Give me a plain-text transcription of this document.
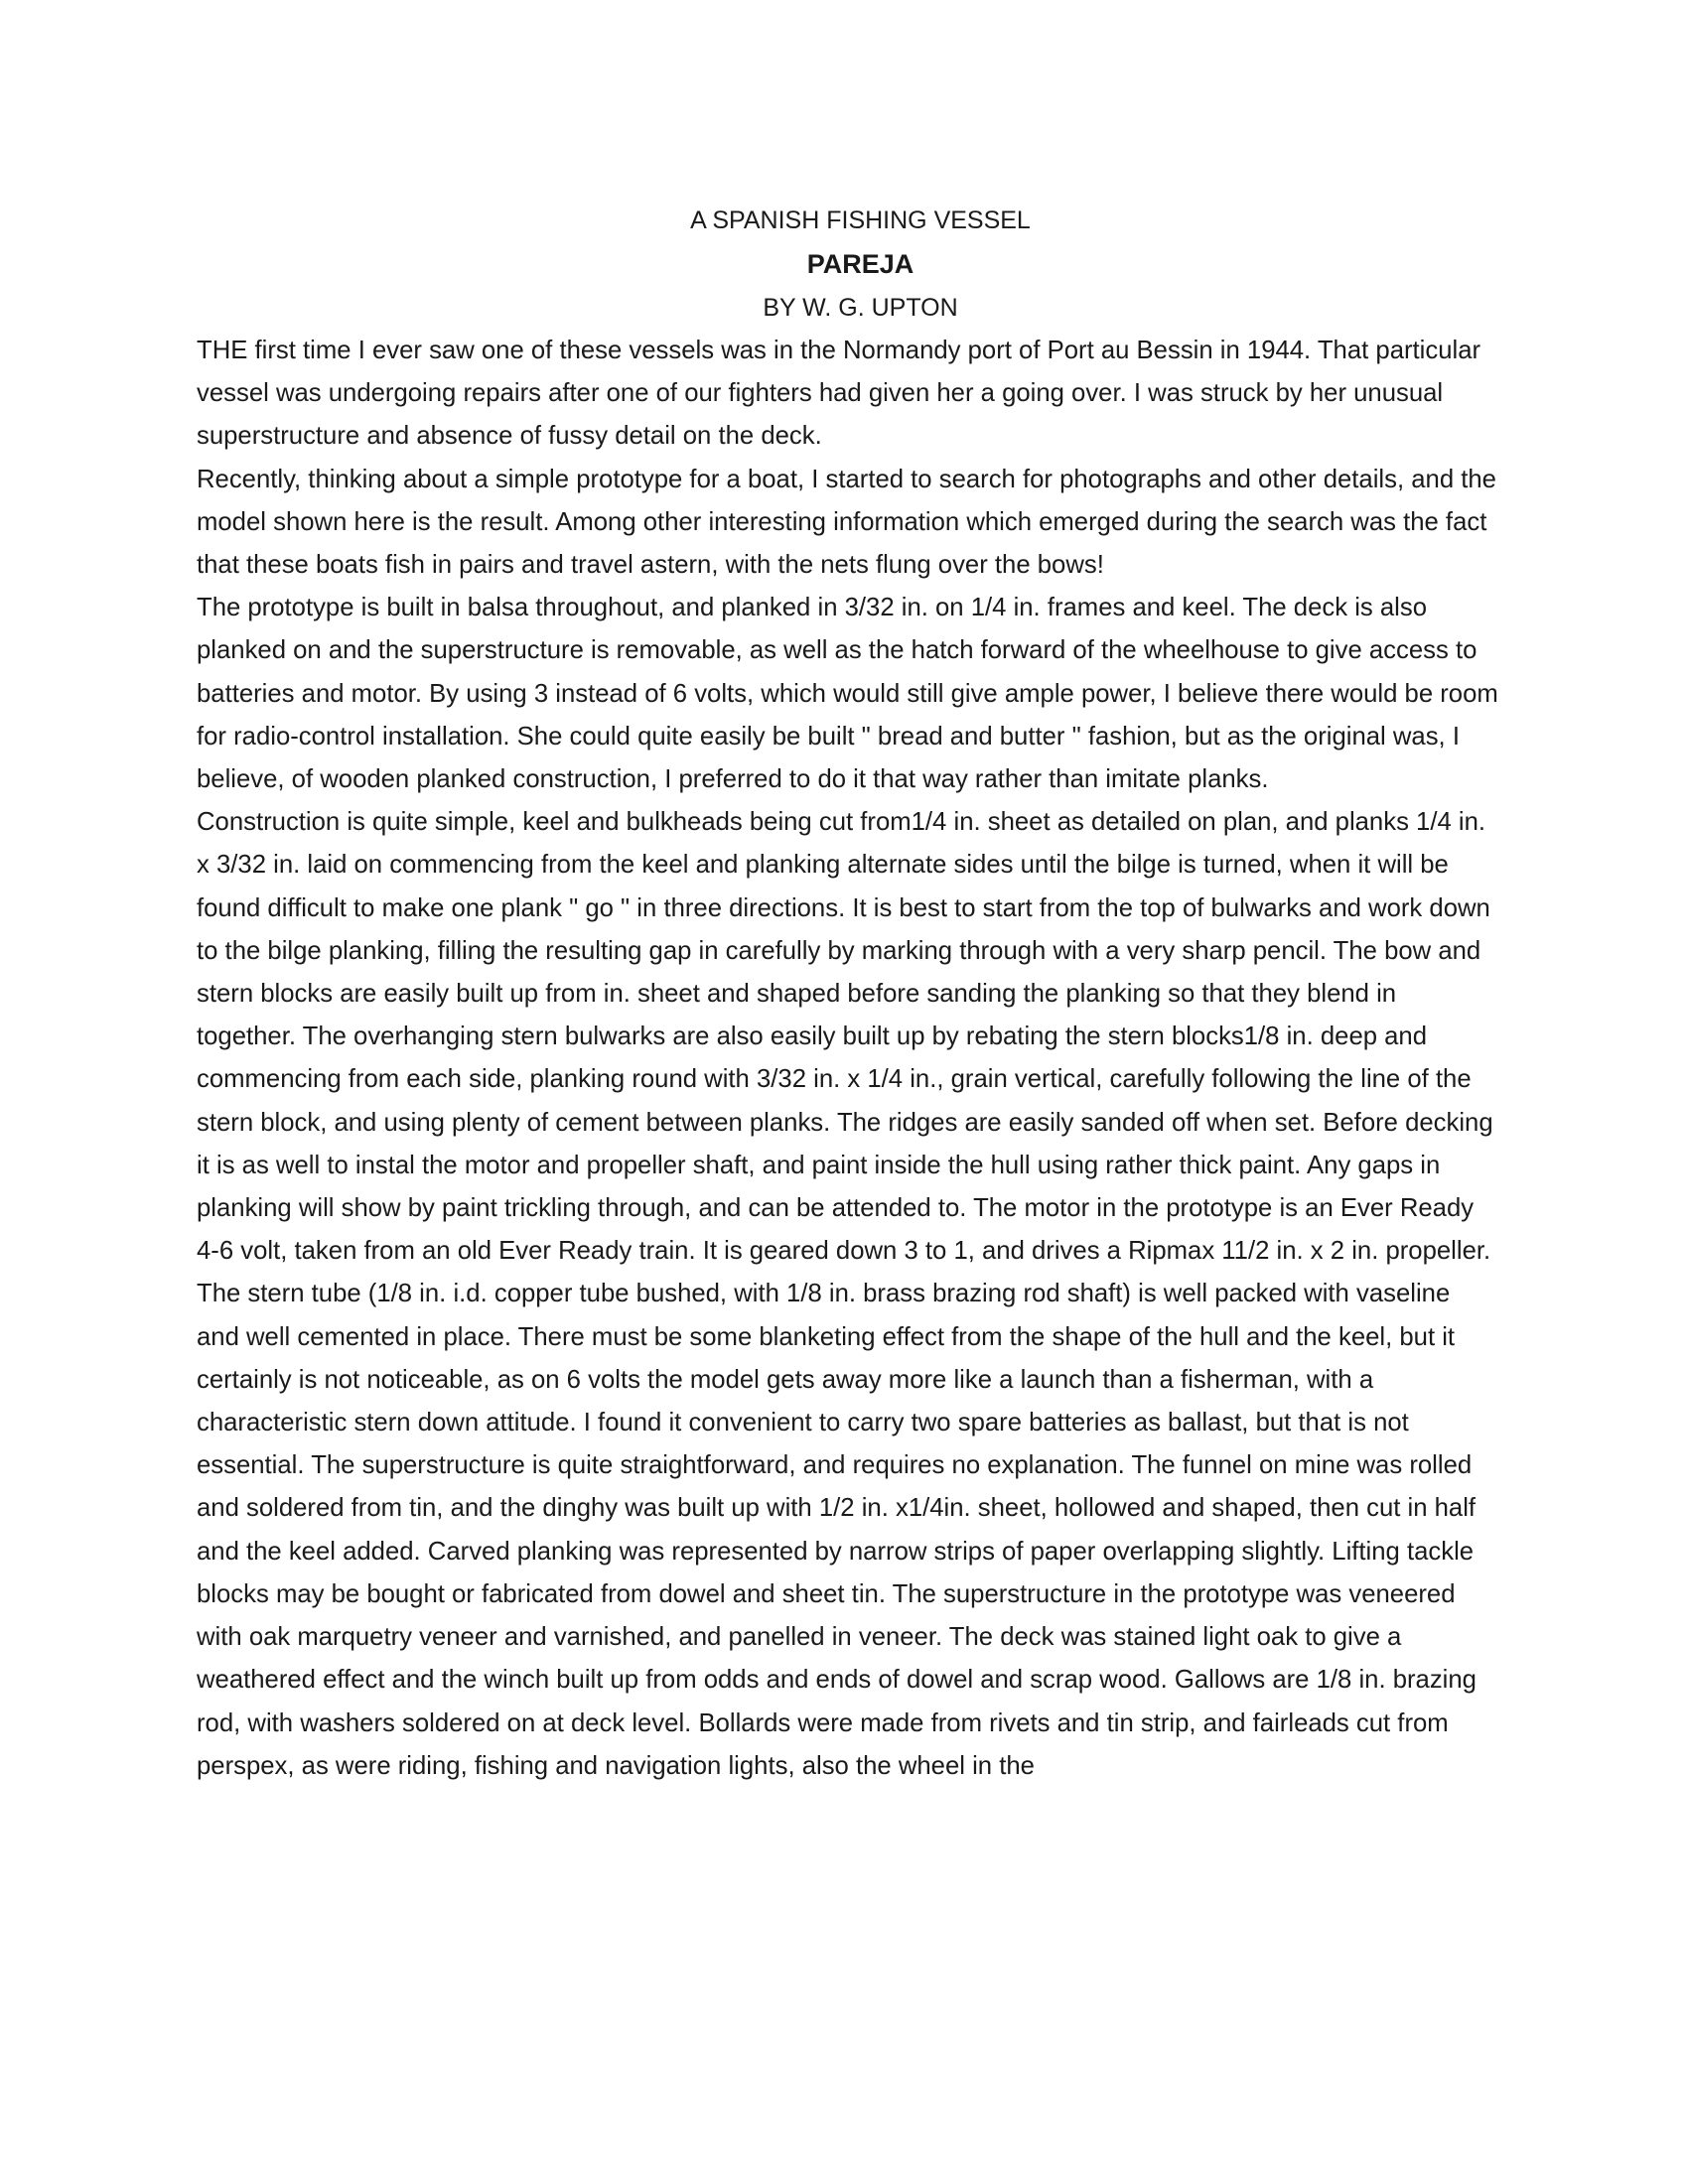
A SPANISH FISHING VESSEL
PAREJA
BY W. G. UPTON

THE first time I ever saw one of these vessels was in the Normandy port of Port au Bessin in 1944. That particular vessel was undergoing repairs after one of our fighters had given her a going over. I was struck by her unusual superstructure and absence of fussy detail on the deck.

Recently, thinking about a simple prototype for a boat, I started to search for photographs and other details, and the model shown here is the result. Among other interesting information which emerged during the search was the fact that these boats fish in pairs and travel astern, with the nets flung over the bows!

The prototype is built in balsa throughout, and planked in 3/32 in. on 1/4 in. frames and keel. The deck is also planked on and the superstructure is removable, as well as the hatch forward of the wheelhouse to give access to batteries and motor. By using 3 instead of 6 volts, which would still give ample power, I believe there would be room for radio-control installation. She could quite easily be built " bread and butter " fashion, but as the original was, I believe, of wooden planked construction, I preferred to do it that way rather than imitate planks.

Construction is quite simple, keel and bulkheads being cut from1/4 in. sheet as detailed on plan, and planks 1/4 in. x 3/32 in. laid on commencing from the keel and planking alternate sides until the bilge is turned, when it will be found difficult to make one plank " go " in three directions. It is best to start from the top of bulwarks and work down to the bilge planking, filling the resulting gap in carefully by marking through with a very sharp pencil. The bow and stern blocks are easily built up from in. sheet and shaped before sanding the planking so that they blend in together. The overhanging stern bulwarks are also easily built up by rebating the stern blocks1/8 in. deep and commencing from each side, planking round with 3/32 in. x 1/4 in., grain vertical, carefully following the line of the stern block, and using plenty of cement between planks. The ridges are easily sanded off when set. Before decking it is as well to instal the motor and propeller shaft, and paint inside the hull using rather thick paint. Any gaps in planking will show by paint trickling through, and can be attended to. The motor in the prototype is an Ever Ready 4-6 volt, taken from an old Ever Ready train. It is geared down 3 to 1, and drives a Ripmax 11/2 in. x 2 in. propeller.

The stern tube (1/8 in. i.d. copper tube bushed, with 1/8 in. brass brazing rod shaft) is well packed with vaseline and well cemented in place. There must be some blanketing effect from the shape of the hull and the keel, but it certainly is not noticeable, as on 6 volts the model gets away more like a launch than a fisherman, with a characteristic stern down attitude. I found it convenient to carry two spare batteries as ballast, but that is not essential. The superstructure is quite straightforward, and requires no explanation. The funnel on mine was rolled and soldered from tin, and the dinghy was built up with 1/2 in. x1/4in. sheet, hollowed and shaped, then cut in half and the keel added. Carved planking was represented by narrow strips of paper overlapping slightly. Lifting tackle blocks may be bought or fabricated from dowel and sheet tin. The superstructure in the prototype was veneered with oak marquetry veneer and varnished, and panelled in veneer. The deck was stained light oak to give a weathered effect and the winch built up from odds and ends of dowel and scrap wood. Gallows are 1/8 in. brazing rod, with washers soldered on at deck level. Bollards were made from rivets and tin strip, and fairleads cut from perspex, as were riding, fishing and navigation lights, also the wheel in the
